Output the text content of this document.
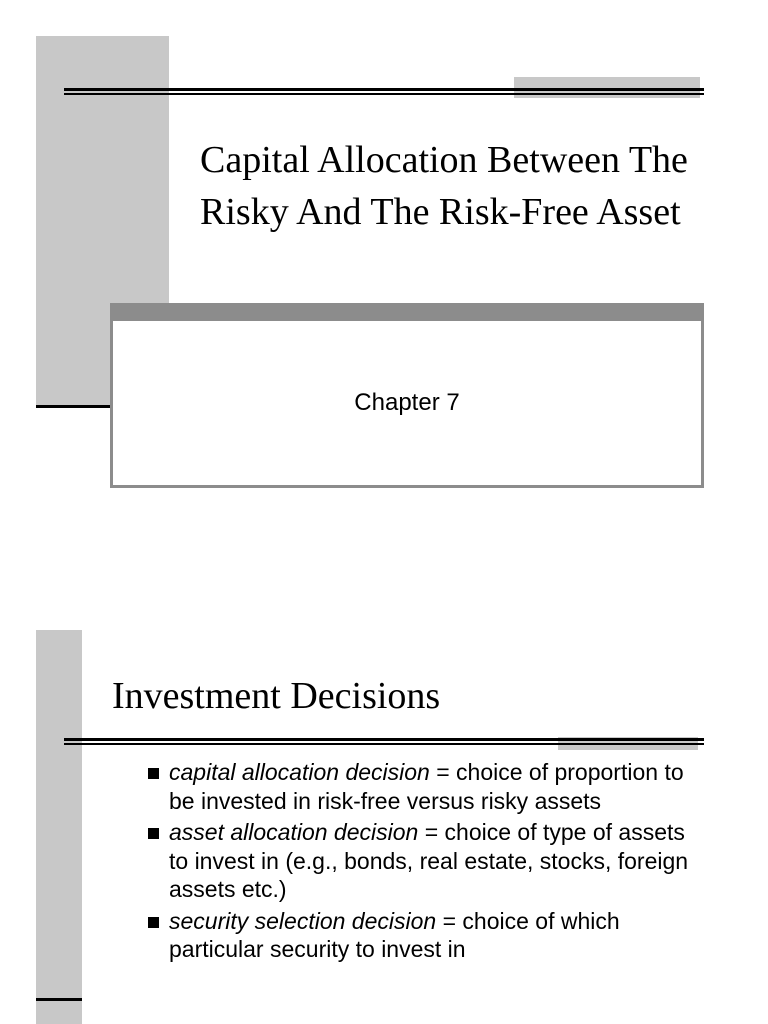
Capital Allocation Between The Risky And The Risk-Free Asset
Chapter 7
Investment Decisions
capital allocation decision = choice of proportion to be invested in risk-free versus risky assets
asset allocation decision = choice of type of assets to invest in (e.g., bonds, real estate, stocks, foreign assets etc.)
security selection decision = choice of which particular security to invest in
